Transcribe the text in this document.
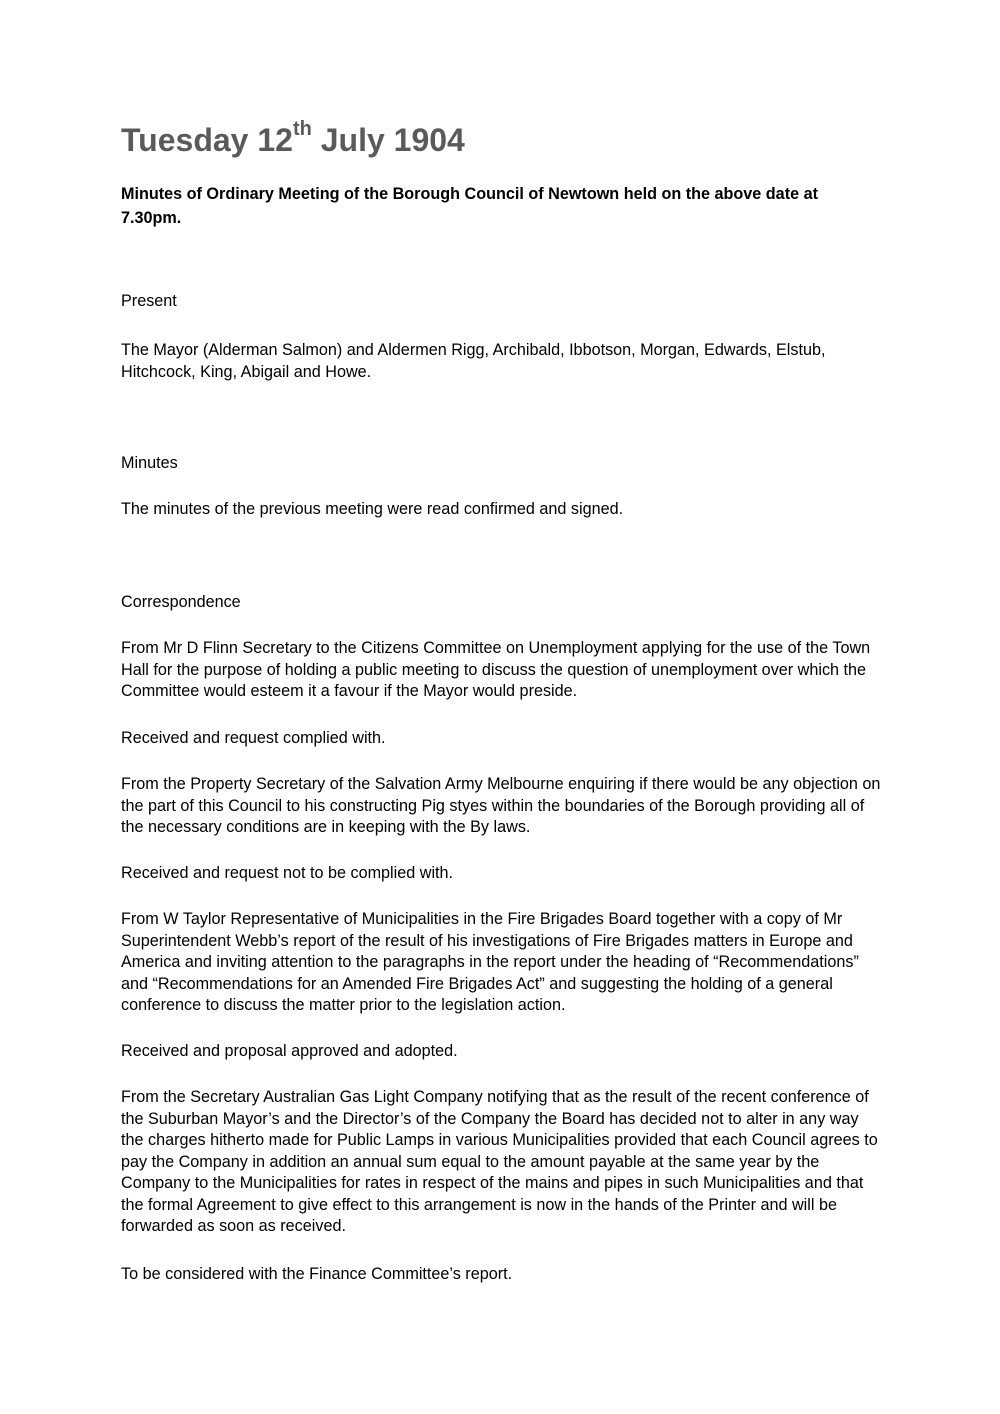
Tuesday 12th July 1904

Minutes of Ordinary Meeting of the Borough Council of Newtown held on the above date at 7.30pm.

Present

The Mayor (Alderman Salmon) and Aldermen Rigg, Archibald, Ibbotson, Morgan, Edwards, Elstub, Hitchcock, King, Abigail and Howe.

Minutes

The minutes of the previous meeting were read confirmed and signed.

Correspondence

From Mr D Flinn Secretary to the Citizens Committee on Unemployment applying for the use of the Town Hall for the purpose of holding a public meeting to discuss the question of unemployment over which the Committee would esteem it a favour if the Mayor would preside.

Received and request complied with.

From the Property Secretary of the Salvation Army Melbourne enquiring if there would be any objection on the part of this Council to his constructing Pig styes within the boundaries of the Borough providing all of the necessary conditions are in keeping with the By laws.

Received and request not to be complied with.

From W Taylor Representative of Municipalities in the Fire Brigades Board together with a copy of Mr Superintendent Webb’s report of the result of his investigations of Fire Brigades matters in Europe and America and inviting attention to the paragraphs in the report under the heading of “Recommendations” and “Recommendations for an Amended Fire Brigades Act” and suggesting the holding of a general conference to discuss the matter prior to the legislation action.

Received and proposal approved and adopted.

From the Secretary Australian Gas Light Company notifying that as the result of the recent conference of the Suburban Mayor’s and the Director’s of the Company the Board has decided not to alter in any way the charges hitherto made for Public Lamps in various Municipalities provided that each Council agrees to pay the Company in addition an annual sum equal to the amount payable at the same year by the Company to the Municipalities for rates in respect of the mains and pipes in such Municipalities and that the formal Agreement to give effect to this arrangement is now in the hands of the Printer and will be forwarded as soon as received.

To be considered with the Finance Committee’s report.
